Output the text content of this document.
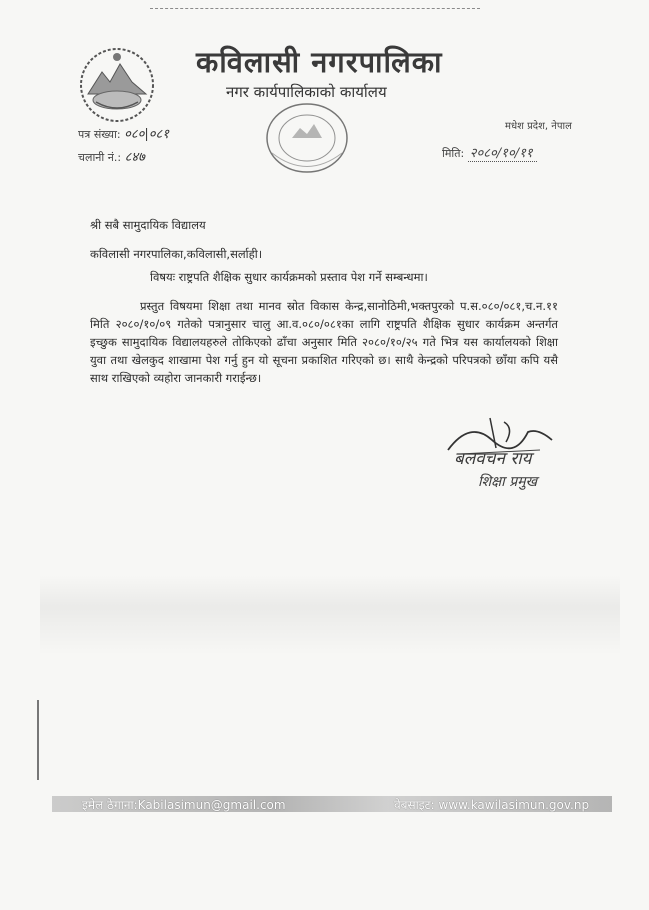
कविलासी नगरपालिका
नगर कार्यपालिकाको कार्यालय
मधेश प्रदेश, नेपाल
पत्र संख्या: ०८०|०८१
चलानी नं.: ८४७	मिति: २०८०/१०/११
श्री सबै सामुदायिक विद्यालय
कविलासी नगरपालिका,कविलासी,सर्लाही।
विषयः राष्ट्रपति शैक्षिक सुधार कार्यक्रमको प्रस्ताव पेश गर्ने सम्बन्धमा।
प्रस्तुत विषयमा शिक्षा तथा मानव स्रोत विकास केन्द्र,सानोठिमी,भक्तपुरको प.स.०८०/०८१,च.न.११ मिति २०८०/१०/०९ गतेको पत्रानुसार चालु आ.व.०८०/०८१का लागि राष्ट्रपति शैक्षिक सुधार कार्यक्रम अन्तर्गत इच्छुक सामुदायिक विद्यालयहरुले तोकिएको ढाँचा अनुसार मिति २०८०/१०/२५ गते भित्र यस कार्यालयको शिक्षा युवा तथा खेलकुद शाखामा पेश गर्नु हुन यो सूचना प्रकाशित गरिएको छ। साथै केन्द्रको परिपत्रको छाँया कपि यसै साथ राखिएको व्यहोरा जानकारी गराईन्छ।
बलवचन राय
शिक्षा प्रमुख
इमेल ठेगाना:Kabilasimun@gmail.com	वेबसाइट: www.kawilasimun.gov.np
